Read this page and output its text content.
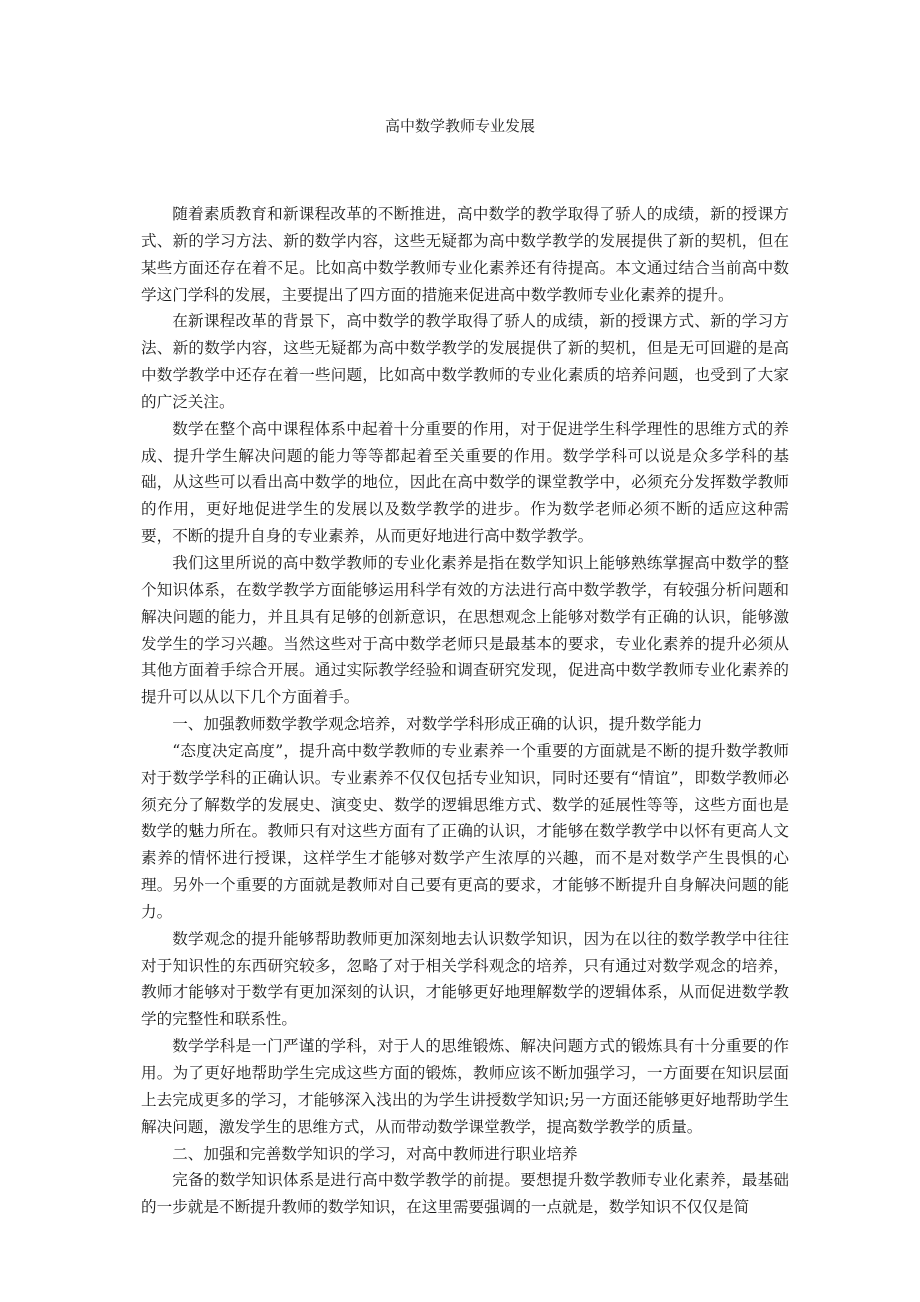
高中数学教师专业发展

随着素质教育和新课程改革的不断推进，高中数学的教学取得了骄人的成绩，新的授课方式、新的学习方法、新的数学内容，这些无疑都为高中数学教学的发展提供了新的契机，但在某些方面还存在着不足。比如高中数学教师专业化素养还有待提高。本文通过结合当前高中数学这门学科的发展，主要提出了四方面的措施来促进高中数学教师专业化素养的提升。

在新课程改革的背景下，高中数学的教学取得了骄人的成绩，新的授课方式、新的学习方法、新的数学内容，这些无疑都为高中数学教学的发展提供了新的契机，但是无可回避的是高中数学教学中还存在着一些问题，比如高中数学教师的专业化素质的培养问题，也受到了大家的广泛关注。

数学在整个高中课程体系中起着十分重要的作用，对于促进学生科学理性的思维方式的养成、提升学生解决问题的能力等等都起着至关重要的作用。数学学科可以说是众多学科的基础，从这些可以看出高中数学的地位，因此在高中数学的课堂教学中，必须充分发挥数学教师的作用，更好地促进学生的发展以及数学教学的进步。作为数学老师必须不断的适应这种需要，不断的提升自身的专业素养，从而更好地进行高中数学教学。

我们这里所说的高中数学教师的专业化素养是指在数学知识上能够熟练掌握高中数学的整个知识体系，在数学教学方面能够运用科学有效的方法进行高中数学教学，有较强分析问题和解决问题的能力，并且具有足够的创新意识，在思想观念上能够对数学有正确的认识，能够激发学生的学习兴趣。当然这些对于高中数学老师只是最基本的要求，专业化素养的提升必须从其他方面着手综合开展。通过实际教学经验和调查研究发现，促进高中数学教师专业化素养的提升可以从以下几个方面着手。

一、加强教师数学教学观念培养，对数学学科形成正确的认识，提升数学能力

“态度决定高度”，提升高中数学教师的专业素养一个重要的方面就是不断的提升数学教师对于数学学科的正确认识。专业素养不仅仅包括专业知识，同时还要有“情谊”，即数学教师必须充分了解数学的发展史、演变史、数学的逻辑思维方式、数学的延展性等等，这些方面也是数学的魅力所在。教师只有对这些方面有了正确的认识，才能够在数学教学中以怀有更高人文素养的情怀进行授课，这样学生才能够对数学产生浓厚的兴趣，而不是对数学产生畏惧的心理。另外一个重要的方面就是教师对自己要有更高的要求，才能够不断提升自身解决问题的能力。

数学观念的提升能够帮助教师更加深刻地去认识数学知识，因为在以往的数学教学中往往对于知识性的东西研究较多，忽略了对于相关学科观念的培养，只有通过对数学观念的培养，教师才能够对于数学有更加深刻的认识，才能够更好地理解数学的逻辑体系，从而促进数学教学的完整性和联系性。

数学学科是一门严谨的学科，对于人的思维锻炼、解决问题方式的锻炼具有十分重要的作用。为了更好地帮助学生完成这些方面的锻炼，教师应该不断加强学习，一方面要在知识层面上去完成更多的学习，才能够深入浅出的为学生讲授数学知识;另一方面还能够更好地帮助学生解决问题，激发学生的思维方式，从而带动数学课堂教学，提高数学教学的质量。

二、加强和完善数学知识的学习，对高中教师进行职业培养

完备的数学知识体系是进行高中数学教学的前提。要想提升数学教师专业化素养，最基础的一步就是不断提升教师的数学知识，在这里需要强调的一点就是，数学知识不仅仅是简
